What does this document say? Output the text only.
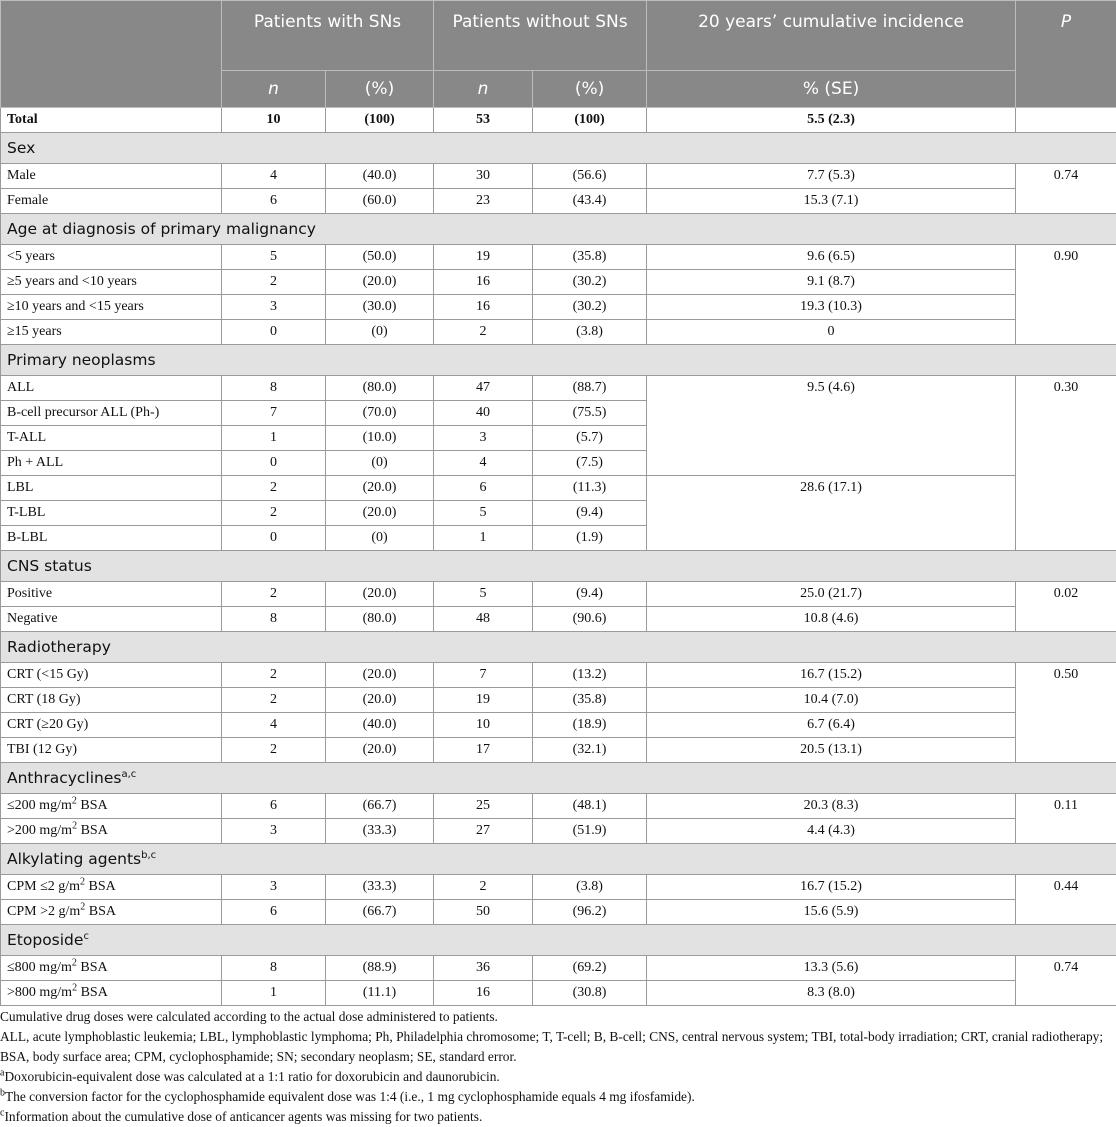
	Patients with SNs		Patients without SNs		20 years’ cumulative incidence	P
	n	(%)	n	(%)	% (SE)	
Total	10	(100)	53	(100)	5.5 (2.3)	
Sex						
Male	4	(40.0)	30	(56.6)	7.7 (5.3)	0.74
Female	6	(60.0)	23	(43.4)	15.3 (7.1)	
Age at diagnosis of primary malignancy						
<5 years	5	(50.0)	19	(35.8)	9.6 (6.5)	0.90
≥5 years and <10 years	2	(20.0)	16	(30.2)	9.1 (8.7)	
≥10 years and <15 years	3	(30.0)	16	(30.2)	19.3 (10.3)	
≥15 years	0	(0)	2	(3.8)	0	
Primary neoplasms						
ALL	8	(80.0)	47	(88.7)	9.5 (4.6)	0.30
B-cell precursor ALL (Ph-)	7	(70.0)	40	(75.5)		
T-ALL	1	(10.0)	3	(5.7)		
Ph + ALL	0	(0)	4	(7.5)		
LBL	2	(20.0)	6	(11.3)	28.6 (17.1)	
T-LBL	2	(20.0)	5	(9.4)		
B-LBL	0	(0)	1	(1.9)		
CNS status						
Positive	2	(20.0)	5	(9.4)	25.0 (21.7)	0.02
Negative	8	(80.0)	48	(90.6)	10.8 (4.6)	
Radiotherapy						
CRT (<15 Gy)	2	(20.0)	7	(13.2)	16.7 (15.2)	0.50
CRT (18 Gy)	2	(20.0)	19	(35.8)	10.4 (7.0)	
CRT (≥20 Gy)	4	(40.0)	10	(18.9)	6.7 (6.4)	
TBI (12 Gy)	2	(20.0)	17	(32.1)	20.5 (13.1)	
Anthracyclines$^{a,c}$
≤200 $mg/m^2$ BSA	6	(66.7)	25	(48.1)	20.3 (8.3)	0.11
>200 $mg/m^2$ BSA	3	(33.3)	27	(51.9)	4.4 (4.3)	
Alkylating agents$^{b,c}$
CPM ≤2 $g/m^2$ BSA	3	(33.3)	2	(3.8)	16.7 (15.2)	0.44
CPM >2 $g/m^2$ BSA	6	(66.7)	50	(96.2)	15.6 (5.9)	
Etoposide$^c$
≤800 $mg/m^2$ BSA	8	(88.9)	36	(69.2)	13.3 (5.6)	0.74
>800 $mg/m^2$ BSA	1	(11.1)	16	(30.8)	8.3 (8.0)	

Cumulative drug doses were calculated according to the actual dose administered to patients.

ALL, acute lymphoblastic leukemia; LBL, lymphoblastic lymphoma; Ph, Philadelphia chromosome; T, T-cell; B, B-cell; CNS, central nervous system; TBI, total-body irradiation; CRT, cranial radiotherapy; BSA, body surface area; CPM, cyclophosphamide; SN; secondary neoplasm; SE, standard error.

$^a$Doxorubicin-equivalent dose was calculated at a 1:1 ratio for doxorubicin and daunorubicin.

$^b$The conversion factor for the cyclophosphamide equivalent dose was 1:4 (i.e., 1 mg cyclophosphamide equals 4 mg ifosfamide).

$^c$Information about the cumulative dose of anticancer agents was missing for two patients.
